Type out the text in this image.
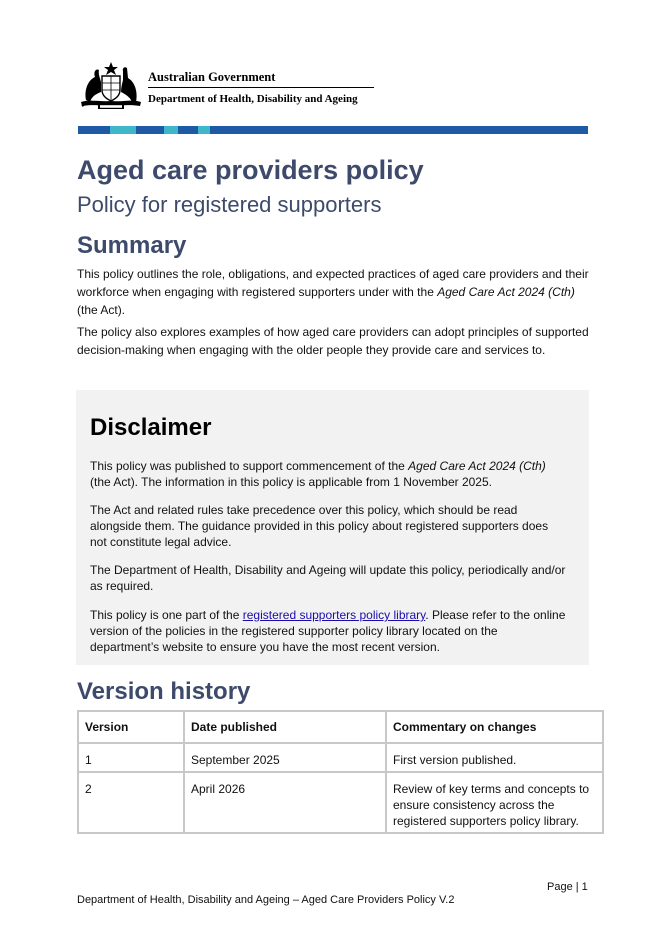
Australian Government
Department of Health, Disability and Ageing
Aged care providers policy
Policy for registered supporters
Summary

This policy outlines the role, obligations, and expected practices of aged care providers and their workforce when engaging with registered supporters under with the Aged Care Act 2024 (Cth) (the Act).

The policy also explores examples of how aged care providers can adopt principles of supported decision-making when engaging with the older people they provide care and services to.

Disclaimer

This policy was published to support commencement of the Aged Care Act 2024 (Cth) (the Act). The information in this policy is applicable from 1 November 2025.

The Act and related rules take precedence over this policy, which should be read alongside them. The guidance provided in this policy about registered supporters does not constitute legal advice.

The Department of Health, Disability and Ageing will update this policy, periodically and/or as required.

This policy is one part of the registered supporters policy library. Please refer to the online version of the policies in the registered supporter policy library located on the department’s website to ensure you have the most recent version.

Version history
Version	Date published	Commentary on changes
1	September 2025	First version published.
2	April 2026	Review of key terms and concepts to ensure consistency across the registered supporters policy library.
Page | 1
Department of Health, Disability and Ageing – Aged Care Providers Policy V.2
